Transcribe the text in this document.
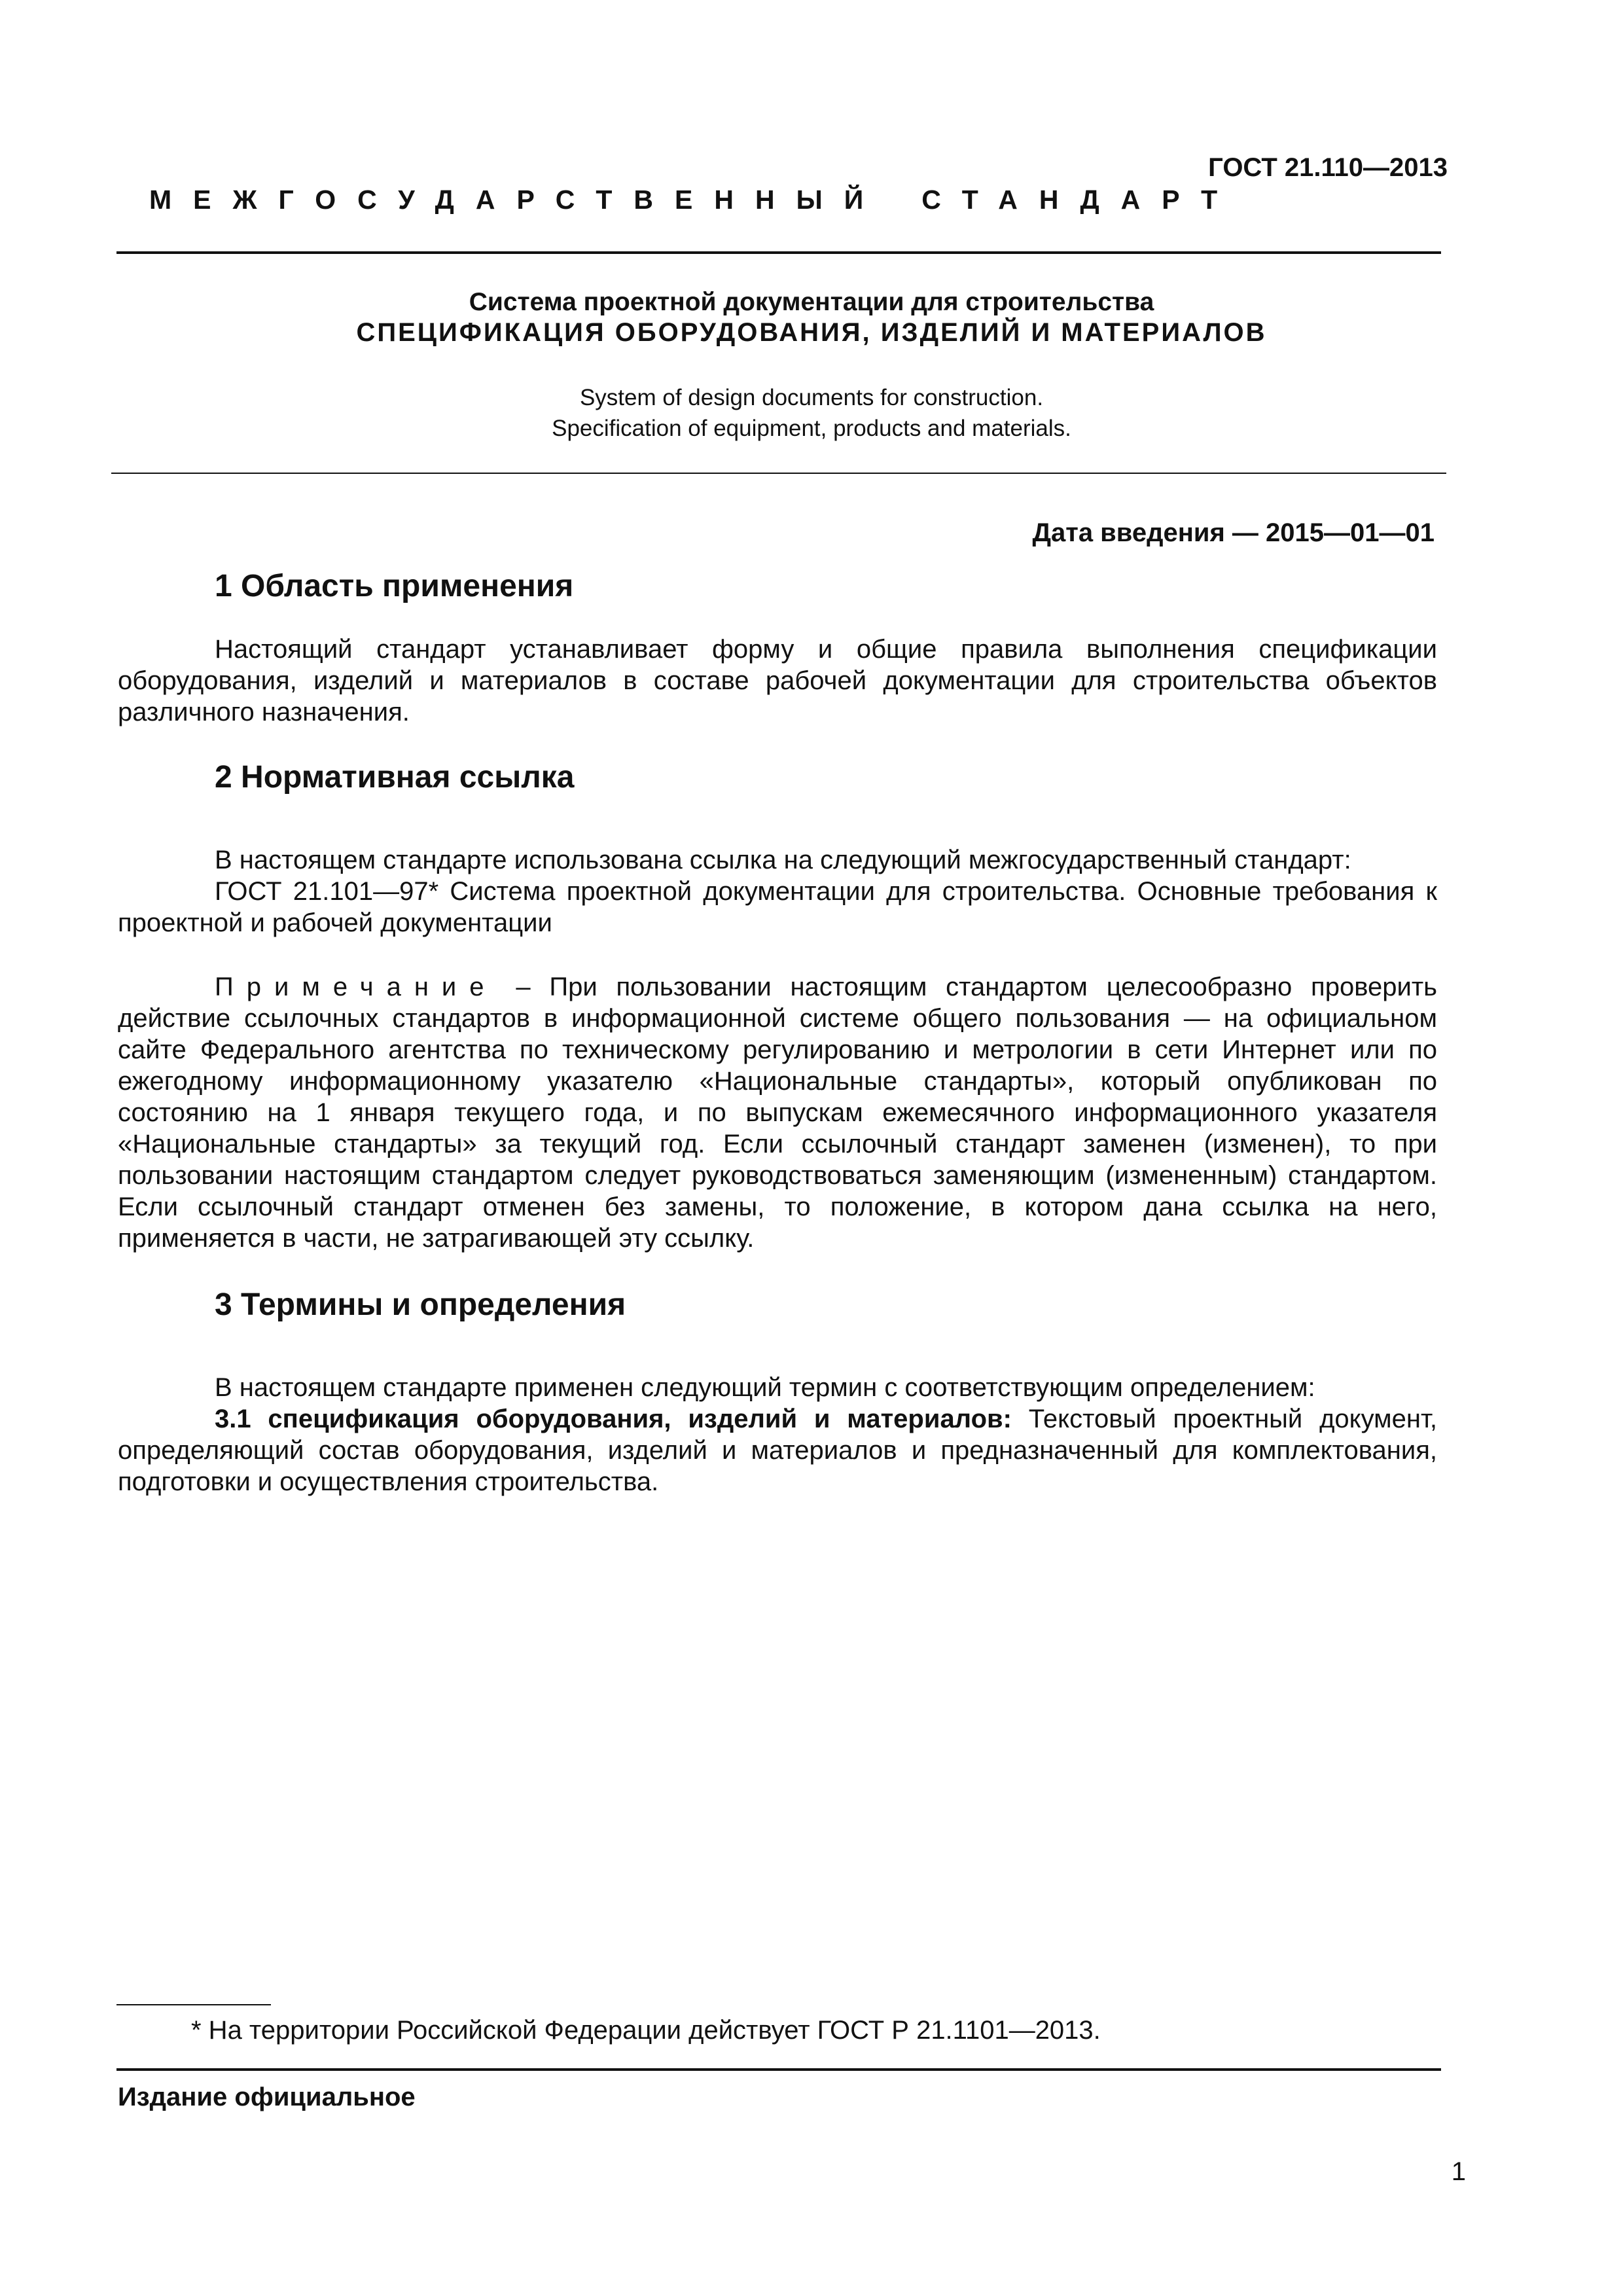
ГОСТ 21.110—2013
МЕЖГОСУДАРСТВЕННЫЙ СТАНДАРТ
Система проектной документации для строительства
СПЕЦИФИКАЦИЯ ОБОРУДОВАНИЯ, ИЗДЕЛИЙ И МАТЕРИАЛОВ
System of design documents for construction.
Specification of equipment, products and materials.
Дата введения — 2015—01—01
1 Область применения

Настоящий стандарт устанавливает форму и общие правила выполнения спецификации оборудования, изделий и материалов в составе рабочей документации для строительства объектов различного назначения.

2 Нормативная ссылка

В настоящем стандарте использована ссылка на следующий межгосударственный стандарт:

ГОСТ 21.101—97* Система проектной документации для строительства. Основные требования к проектной и рабочей документации

Примечание – При пользовании настоящим стандартом целесообразно проверить действие ссылочных стандартов в информационной системе общего пользования — на официальном сайте Федерального агентства по техническому регулированию и метрологии в сети Интернет или по ежегодному информационному указателю «Национальные стандарты», который опубликован по состоянию на 1 января текущего года, и по выпускам ежемесячного информационного указателя «Национальные стандарты» за текущий год. Если ссылочный стандарт заменен (изменен), то при пользовании настоящим стандартом следует руководствоваться заменяющим (измененным) стандартом. Если ссылочный стандарт отменен без замены, то положение, в котором дана ссылка на него, применяется в части, не затрагивающей эту ссылку.

3 Термины и определения

В настоящем стандарте применен следующий термин с соответствующим определением:

3.1 спецификация оборудования, изделий и материалов: Текстовый проектный документ, определяющий состав оборудования, изделий и материалов и предназначенный для комплектования, подготовки и осуществления строительства.

* На территории Российской Федерации действует ГОСТ Р 21.1101—2013.
Издание официальное
1
